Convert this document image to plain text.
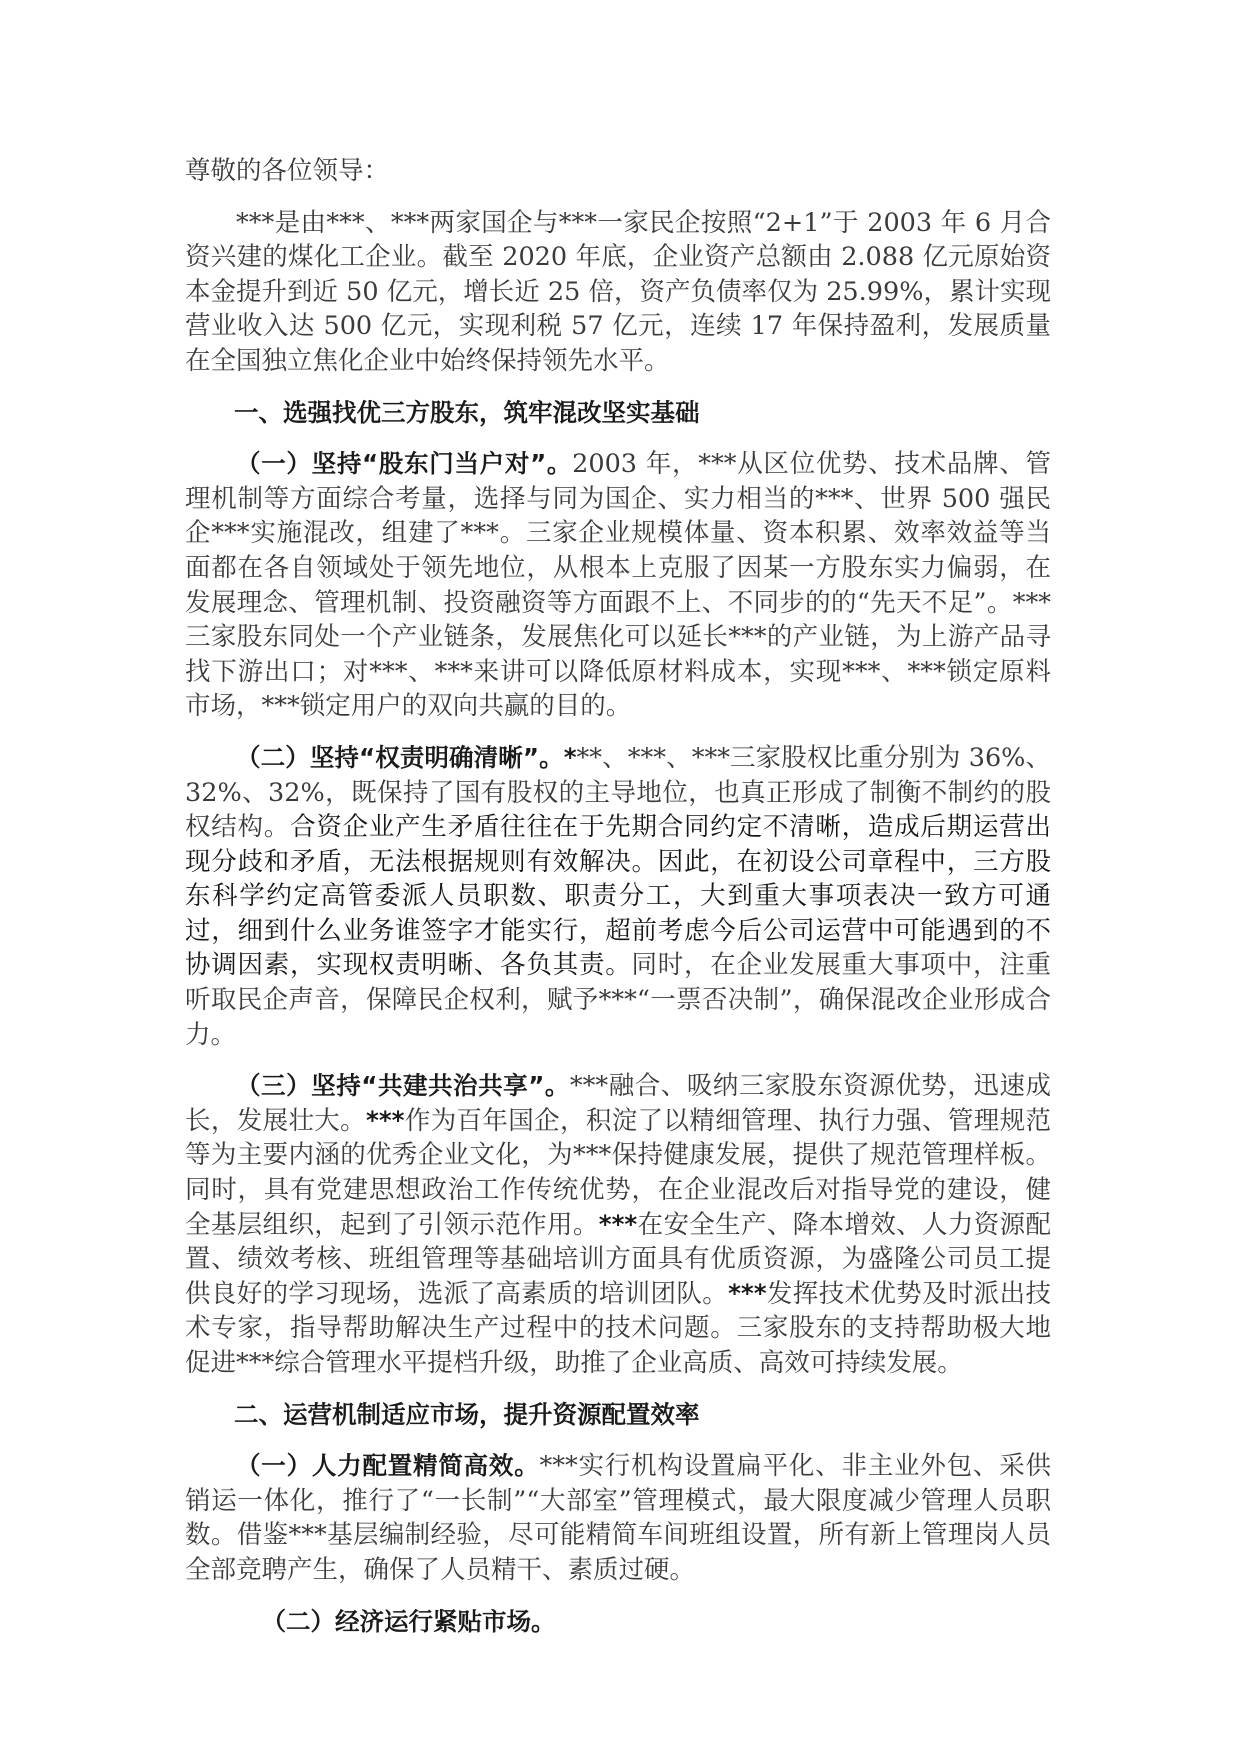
尊敬的各位领导：

***是由***、***两家国企与***一家民企按照“2+1”于 2003 年 6 月合资兴建的煤化工企业。截至 2020 年底，企业资产总额由 2.088 亿元原始资本金提升到近 50 亿元，增长近 25 倍，资产负债率仅为 25.99%，累计实现营业收入达 500 亿元，实现利税 57 亿元，连续 17 年保持盈利，发展质量在全国独立焦化企业中始终保持领先水平。

一、选强找优三方股东，筑牢混改坚实基础

（一）坚持“股东门当户对”。2003 年，***从区位优势、技术品牌、管理机制等方面综合考量，选择与同为国企、实力相当的***、世界 500 强民企***实施混改，组建了***。三家企业规模体量、资本积累、效率效益等当面都在各自领域处于领先地位，从根本上克服了因某一方股东实力偏弱，在发展理念、管理机制、投资融资等方面跟不上、不同步的的“先天不足”。***三家股东同处一个产业链条，发展焦化可以延长***的产业链，为上游产品寻找下游出口；对***、***来讲可以降低原材料成本，实现***、***锁定原料市场，***锁定用户的双向共赢的目的。

（二）坚持“权责明确清晰”。***、***、***三家股权比重分别为 36%、32%、32%，既保持了国有股权的主导地位，也真正形成了制衡不制约的股权结构。合资企业产生矛盾往往在于先期合同约定不清晰，造成后期运营出现分歧和矛盾，无法根据规则有效解决。因此，在初设公司章程中，三方股东科学约定高管委派人员职数、职责分工，大到重大事项表决一致方可通过，细到什么业务谁签字才能实行，超前考虑今后公司运营中可能遇到的不协调因素，实现权责明晰、各负其责。同时，在企业发展重大事项中，注重听取民企声音，保障民企权利，赋予***“一票否决制”，确保混改企业形成合力。

（三）坚持“共建共治共享”。***融合、吸纳三家股东资源优势，迅速成长，发展壮大。***作为百年国企，积淀了以精细管理、执行力强、管理规范等为主要内涵的优秀企业文化，为***保持健康发展，提供了规范管理样板。同时，具有党建思想政治工作传统优势，在企业混改后对指导党的建设，健全基层组织，起到了引领示范作用。***在安全生产、降本增效、人力资源配置、绩效考核、班组管理等基础培训方面具有优质资源，为盛隆公司员工提供良好的学习现场，选派了高素质的培训团队。***发挥技术优势及时派出技术专家，指导帮助解决生产过程中的技术问题。三家股东的支持帮助极大地促进***综合管理水平提档升级，助推了企业高质、高效可持续发展。

二、运营机制适应市场，提升资源配置效率

（一）人力配置精简高效。***实行机构设置扁平化、非主业外包、采供销运一体化，推行了“一长制”“大部室”管理模式，最大限度减少管理人员职数。借鉴***基层编制经验，尽可能精简车间班组设置，所有新上管理岗人员全部竞聘产生，确保了人员精干、素质过硬。

（二）经济运行紧贴市场。
